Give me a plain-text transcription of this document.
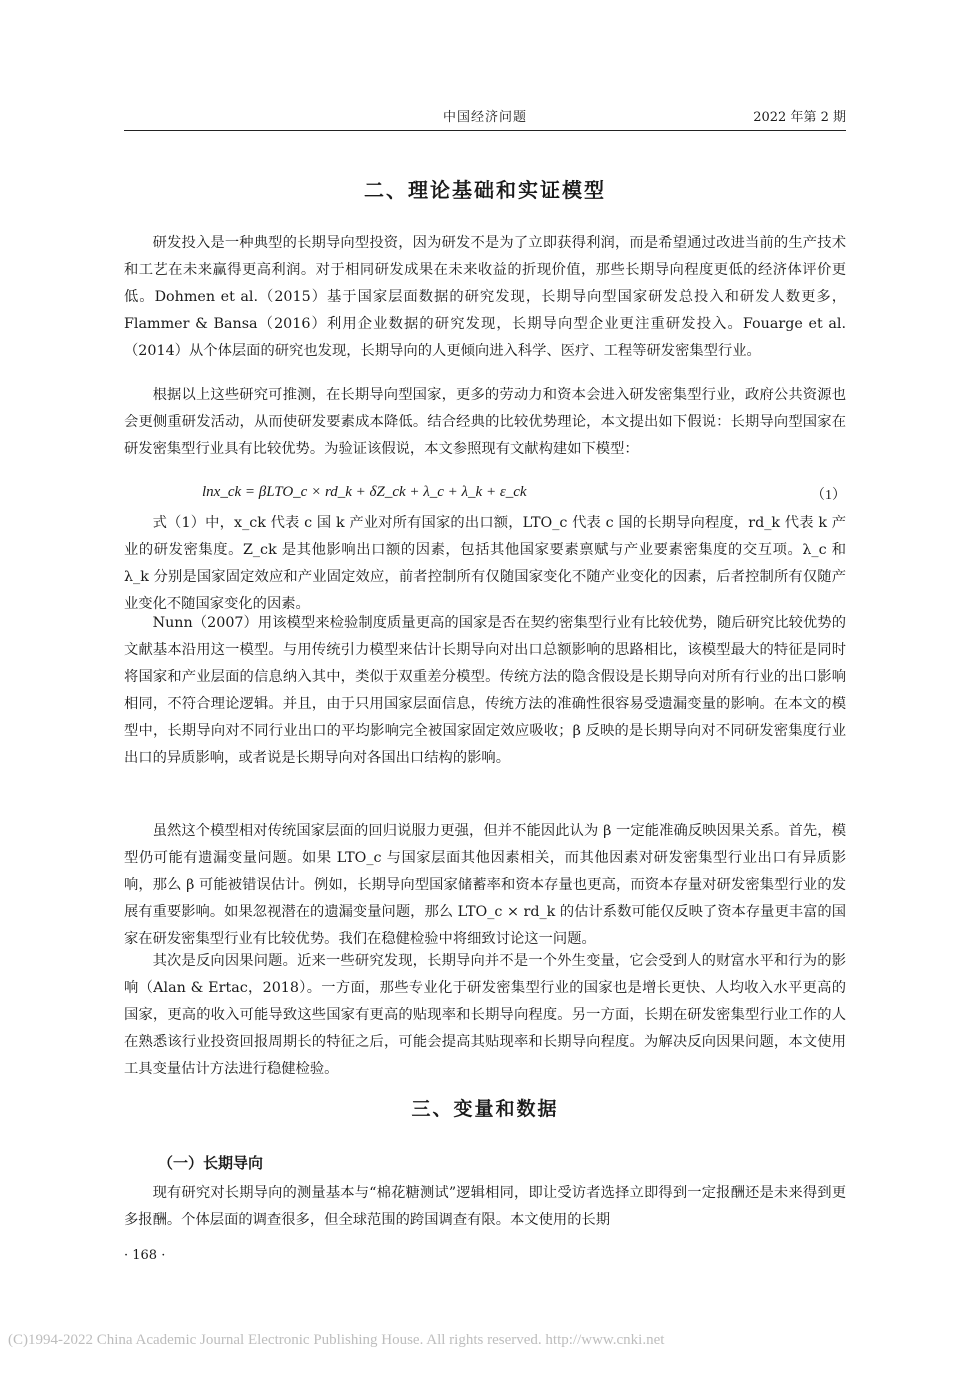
中国经济问题	2022 年第 2 期
二、理论基础和实证模型

研发投入是一种典型的长期导向型投资，因为研发不是为了立即获得利润，而是希望通过改进当前的生产技术和工艺在未来赢得更高利润。对于相同研发成果在未来收益的折现价值，那些长期导向程度更低的经济体评价更低。Dohmen et al.（2015）基于国家层面数据的研究发现，长期导向型国家研发总投入和研发人数更多，Flammer & Bansa（2016）利用企业数据的研究发现，长期导向型企业更注重研发投入。Fouarge et al.（2014）从个体层面的研究也发现，长期导向的人更倾向进入科学、医疗、工程等研发密集型行业。

根据以上这些研究可推测，在长期导向型国家，更多的劳动力和资本会进入研发密集型行业，政府公共资源也会更侧重研发活动，从而使研发要素成本降低。结合经典的比较优势理论，本文提出如下假说：长期导向型国家在研发密集型行业具有比较优势。为验证该假说，本文参照现有文献构建如下模型：

lnx_ck = βLTO_c × rd_k + δZ_ck + λ_c + λ_k + ε_ck	（1）

式（1）中，x_ck 代表 c 国 k 产业对所有国家的出口额，LTO_c 代表 c 国的长期导向程度，rd_k 代表 k 产业的研发密集度。Z_ck 是其他影响出口额的因素，包括其他国家要素禀赋与产业要素密集度的交互项。λ_c 和 λ_k 分别是国家固定效应和产业固定效应，前者控制所有仅随国家变化不随产业变化的因素，后者控制所有仅随产业变化不随国家变化的因素。

Nunn（2007）用该模型来检验制度质量更高的国家是否在契约密集型行业有比较优势，随后研究比较优势的文献基本沿用这一模型。与用传统引力模型来估计长期导向对出口总额影响的思路相比，该模型最大的特征是同时将国家和产业层面的信息纳入其中，类似于双重差分模型。传统方法的隐含假设是长期导向对所有行业的出口影响相同，不符合理论逻辑。并且，由于只用国家层面信息，传统方法的准确性很容易受遗漏变量的影响。在本文的模型中，长期导向对不同行业出口的平均影响完全被国家固定效应吸收；β 反映的是长期导向对不同研发密集度行业出口的异质影响，或者说是长期导向对各国出口结构的影响。

虽然这个模型相对传统国家层面的回归说服力更强，但并不能因此认为 β 一定能准确反映因果关系。首先，模型仍可能有遗漏变量问题。如果 LTO_c 与国家层面其他因素相关，而其他因素对研发密集型行业出口有异质影响，那么 β 可能被错误估计。例如，长期导向型国家储蓄率和资本存量也更高，而资本存量对研发密集型行业的发展有重要影响。如果忽视潜在的遗漏变量问题，那么 LTO_c × rd_k 的估计系数可能仅反映了资本存量更丰富的国家在研发密集型行业有比较优势。我们在稳健检验中将细致讨论这一问题。

其次是反向因果问题。近来一些研究发现，长期导向并不是一个外生变量，它会受到人的财富水平和行为的影响（Alan & Ertac，2018）。一方面，那些专业化于研发密集型行业的国家也是增长更快、人均收入水平更高的国家，更高的收入可能导致这些国家有更高的贴现率和长期导向程度。另一方面，长期在研发密集型行业工作的人在熟悉该行业投资回报周期长的特征之后，可能会提高其贴现率和长期导向程度。为解决反向因果问题，本文使用工具变量估计方法进行稳健检验。

三、变量和数据
（一）长期导向

现有研究对长期导向的测量基本与“棉花糖测试”逻辑相同，即让受访者选择立即得到一定报酬还是未来得到更多报酬。个体层面的调查很多，但全球范围的跨国调查有限。本文使用的长期

· 168 ·
(C)1994-2022 China Academic Journal Electronic Publishing House. All rights reserved. http://www.cnki.net
